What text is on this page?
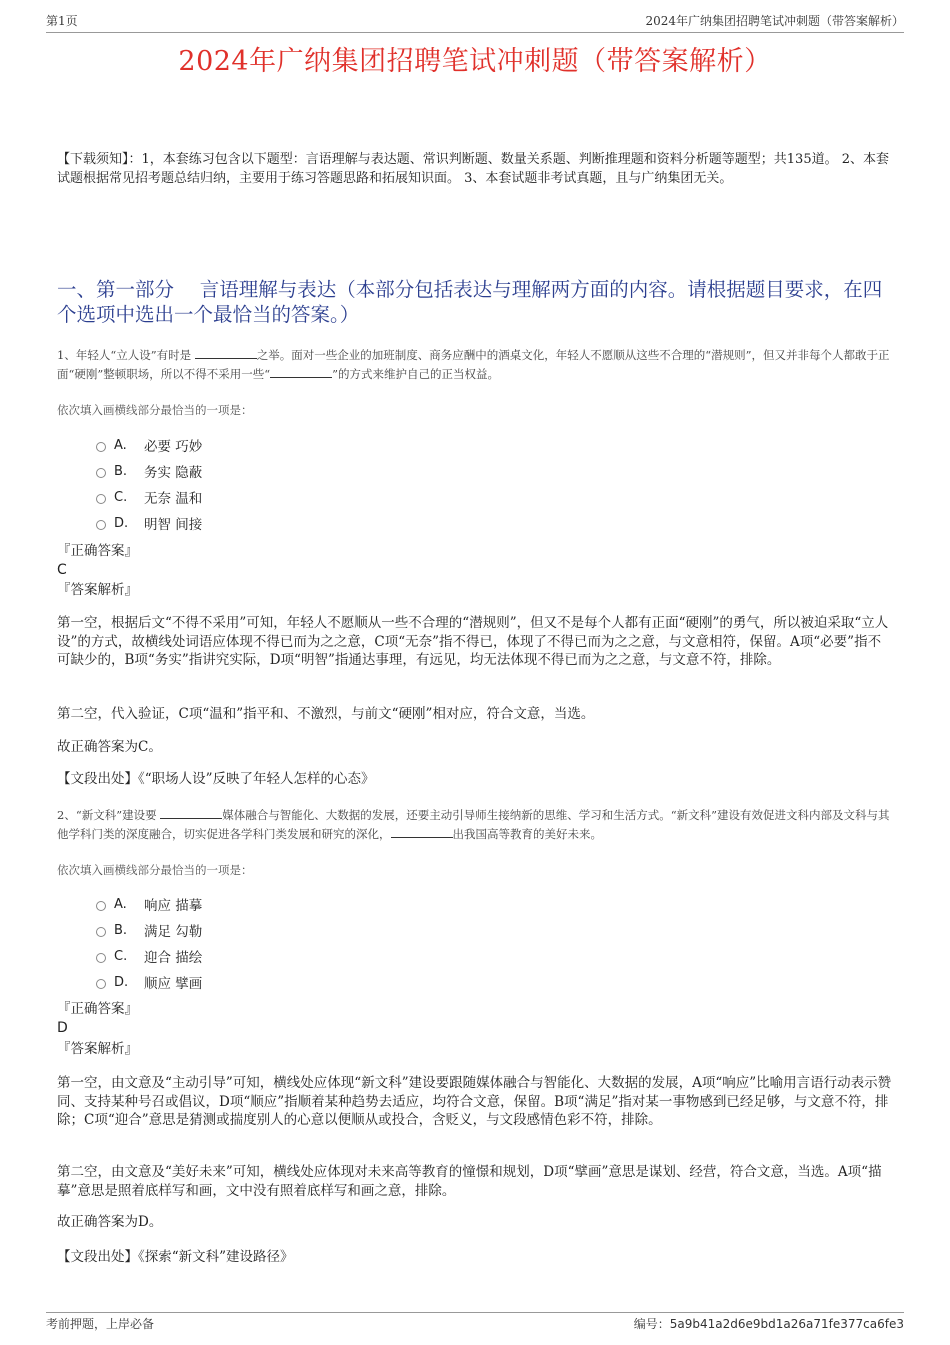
第1页	2024年广纳集团招聘笔试冲刺题（带答案解析）
2024年广纳集团招聘笔试冲刺题（带答案解析）
【下载须知】：1，本套练习包含以下题型：言语理解与表达题、常识判断题、数量关系题、判断推理题和资料分析题等题型；共135道。 2、本套试题根据常见招考题总结归纳，主要用于练习答题思路和拓展知识面。 3、本套试题非考试真题，且与广纳集团无关。
一、第一部分　 言语理解与表达（本部分包括表达与理解两方面的内容。请根据题目要求，在四个选项中选出一个最恰当的答案。）
1、年轻人“立人设”有时是	之举。面对一些企业的加班制度、商务应酬中的酒桌文化，年轻人不愿顺从这些不合理的“潜规则”，但又并非每个人都敢于正面“硬刚”整顿职场，所以不得不采用一些“	”的方式来维护自己的正当权益。
依次填入画横线部分最恰当的一项是：
A.	必要 巧妙
B.	务实 隐蔽
C.	无奈 温和
D.	明智 间接
『正确答案』
C
『答案解析』
第一空，根据后文“不得不采用”可知，年轻人不愿顺从一些不合理的“潜规则”，但又不是每个人都有正面“硬刚”的勇气，所以被迫采取“立人设”的方式，故横线处词语应体现不得已而为之之意，C项“无奈”指不得已，体现了不得已而为之之意，与文意相符，保留。A项“必要”指不可缺少的，B项“务实”指讲究实际，D项“明智”指通达事理，有远见，均无法体现不得已而为之之意，与文意不符，排除。
第二空，代入验证，C项“温和”指平和、不激烈，与前文“硬刚”相对应，符合文意，当选。
故正确答案为C。
【文段出处】《“职场人设”反映了年轻人怎样的心态》
2、“新文科”建设要	媒体融合与智能化、大数据的发展，还要主动引导师生接纳新的思维、学习和生活方式。“新文科”建设有效促进文科内部及文科与其他学科门类的深度融合，切实促进各学科门类发展和研究的深化，	出我国高等教育的美好未来。
依次填入画横线部分最恰当的一项是：
A.	响应 描摹
B.	满足 勾勒
C.	迎合 描绘
D.	顺应 擘画
『正确答案』
D
『答案解析』
第一空，由文意及“主动引导”可知，横线处应体现“新文科”建设要跟随媒体融合与智能化、大数据的发展，A项“响应”比喻用言语行动表示赞同、支持某种号召或倡议，D项“顺应”指顺着某种趋势去适应，均符合文意，保留。B项“满足”指对某一事物感到已经足够，与文意不符，排除；C项“迎合”意思是猜测或揣度别人的心意以便顺从或投合，含贬义，与文段感情色彩不符，排除。
第二空，由文意及“美好未来”可知，横线处应体现对未来高等教育的憧憬和规划，D项“擘画”意思是谋划、经营，符合文意，当选。A项“描摹”意思是照着底样写和画，文中没有照着底样写和画之意，排除。
故正确答案为D。
【文段出处】《探索“新文科”建设路径》
考前押题，上岸必备	编号：5a9b41a2d6e9bd1a26a71fe377ca6fe3
